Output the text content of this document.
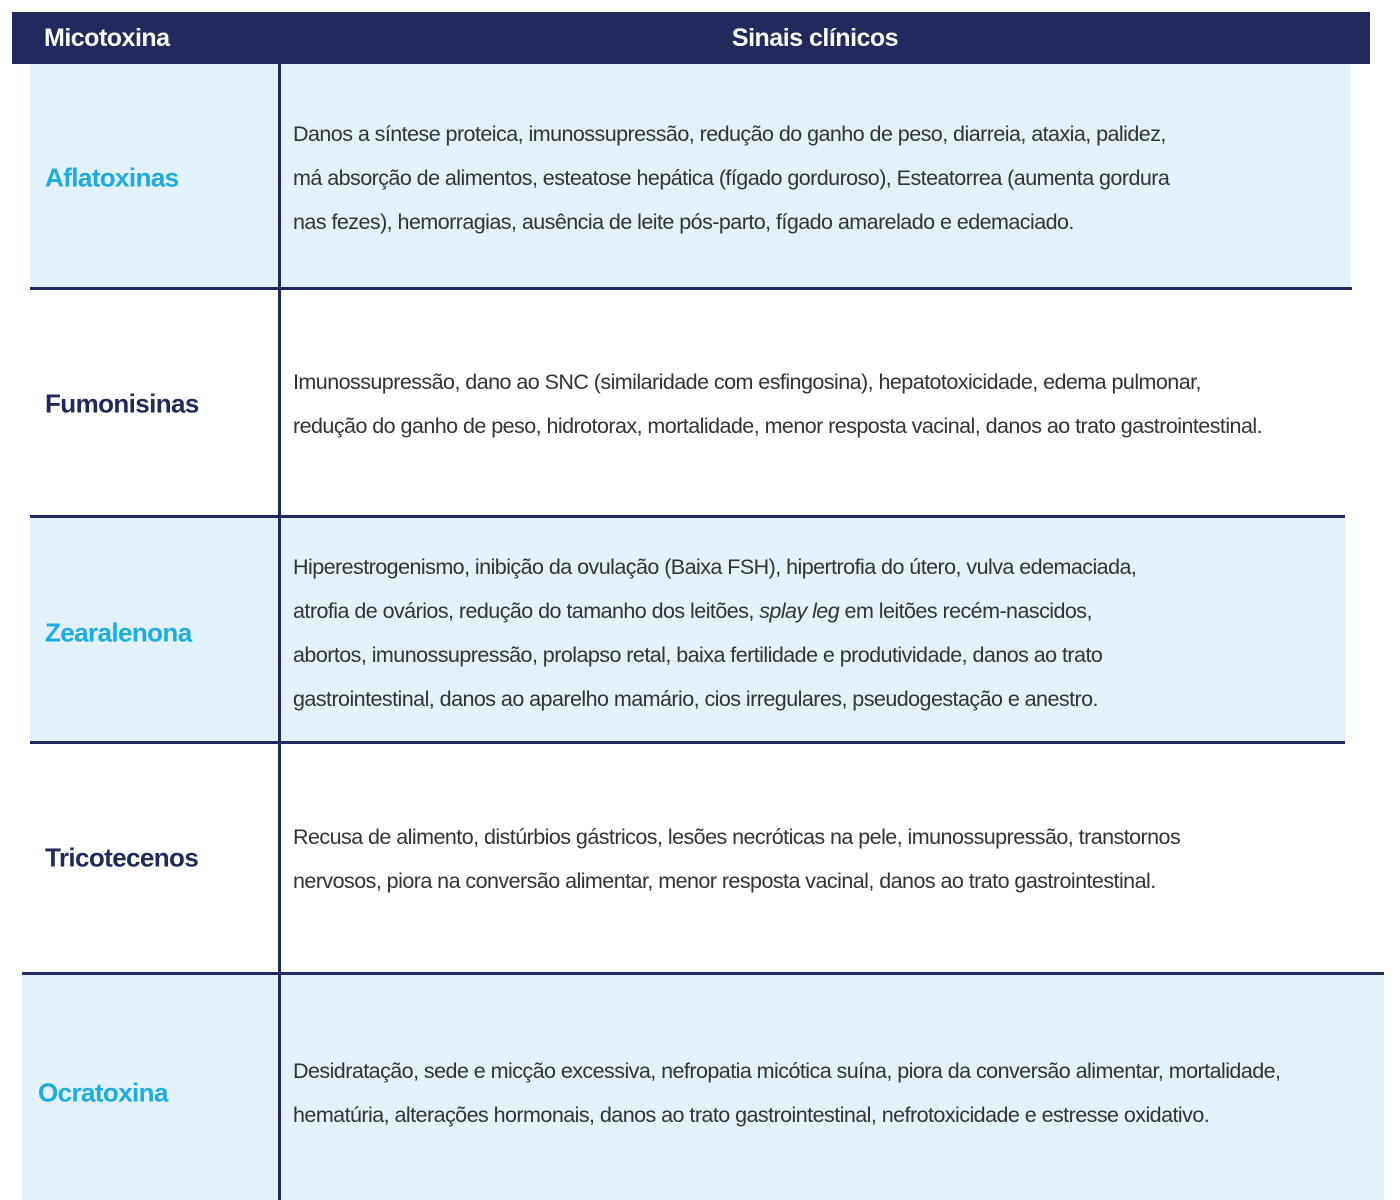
Micotoxina	Sinais clínicos
Aflatoxinas
Danos a síntese proteica, imunossupressão, redução do ganho de peso, diarreia, ataxia, palidez,
má absorção de alimentos, esteatose hepática (fígado gorduroso), Esteatorrea (aumenta gordura
nas fezes), hemorragias, ausência de leite pós-parto, fígado amarelado e edemaciado.
Fumonisinas
Imunossupressão, dano ao SNC (similaridade com esfingosina), hepatotoxicidade, edema pulmonar,
redução do ganho de peso, hidrotorax, mortalidade, menor resposta vacinal, danos ao trato gastrointestinal.
Zearalenona
Hiperestrogenismo, inibição da ovulação (Baixa FSH), hipertrofia do útero, vulva edemaciada,
atrofia de ovários, redução do tamanho dos leitões, splay leg em leitões recém-nascidos,
abortos, imunossupressão, prolapso retal, baixa fertilidade e produtividade, danos ao trato
gastrointestinal, danos ao aparelho mamário, cios irregulares, pseudogestação e anestro.
Tricotecenos
Recusa de alimento, distúrbios gástricos, lesões necróticas na pele, imunossupressão, transtornos
nervosos, piora na conversão alimentar, menor resposta vacinal, danos ao trato gastrointestinal.
Ocratoxina
Desidratação, sede e micção excessiva, nefropatia micótica suína, piora da conversão alimentar, mortalidade,
hematúria, alterações hormonais, danos ao trato gastrointestinal, nefrotoxicidade e estresse oxidativo.
